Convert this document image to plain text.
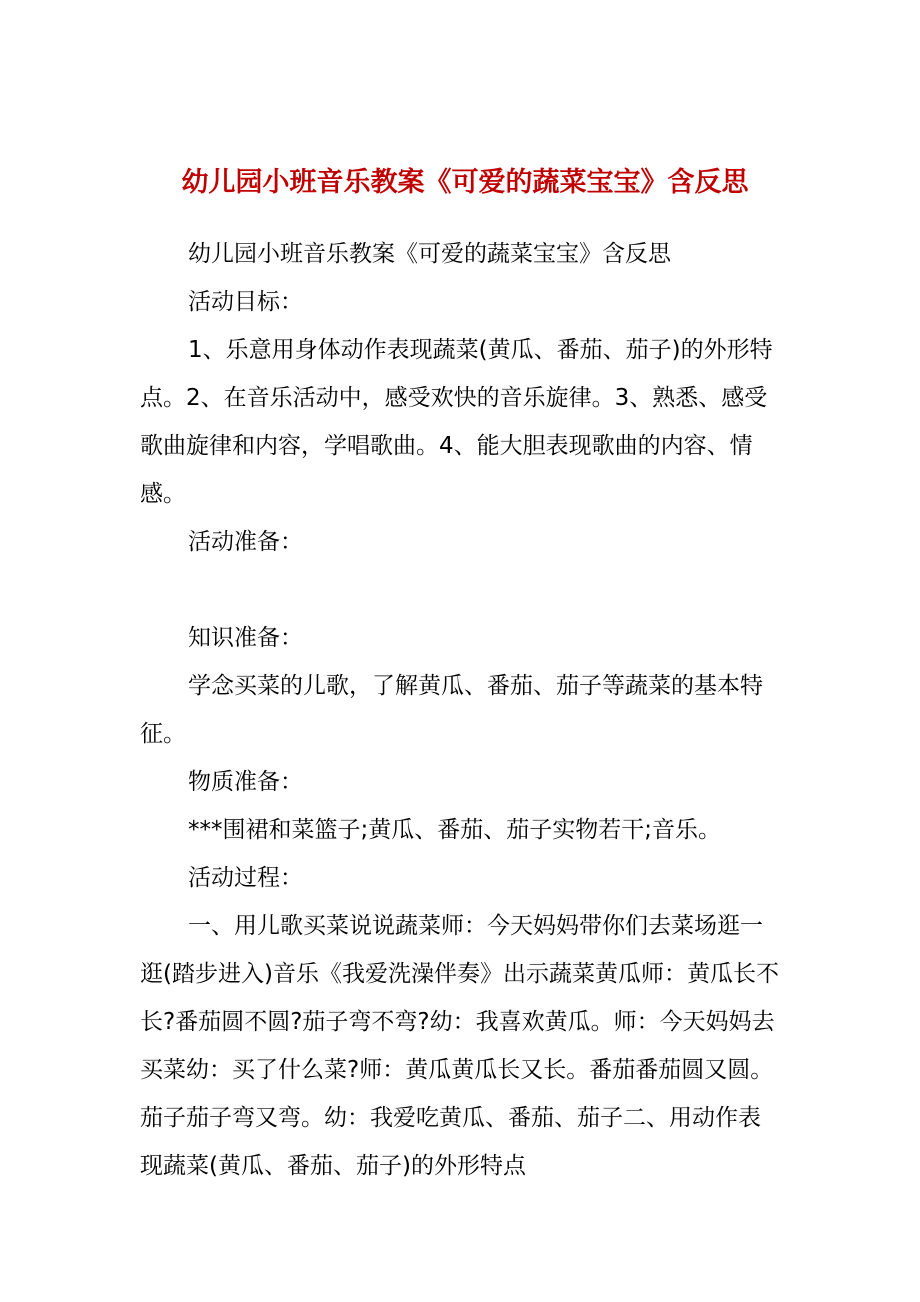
幼儿园小班音乐教案《可爱的蔬菜宝宝》含反思

幼儿园小班音乐教案《可爱的蔬菜宝宝》含反思

活动目标：

1、乐意用身体动作表现蔬菜(黄瓜、番茄、茄子)的外形特点。2、在音乐活动中，感受欢快的音乐旋律。3、熟悉、感受歌曲旋律和内容，学唱歌曲。4、能大胆表现歌曲的内容、情感。

活动准备：

知识准备：

学念买菜的儿歌，了解黄瓜、番茄、茄子等蔬菜的基本特征。

物质准备：

***围裙和菜篮子;黄瓜、番茄、茄子实物若干;音乐。

活动过程：

一、用儿歌买菜说说蔬菜师：今天妈妈带你们去菜场逛一逛(踏步进入)音乐《我爱洗澡伴奏》出示蔬菜黄瓜师：黄瓜长不长?番茄圆不圆?茄子弯不弯?幼：我喜欢黄瓜。师：今天妈妈去买菜幼：买了什么菜?师：黄瓜黄瓜长又长。番茄番茄圆又圆。茄子茄子弯又弯。幼：我爱吃黄瓜、番茄、茄子二、用动作表现蔬菜(黄瓜、番茄、茄子)的外形特点
